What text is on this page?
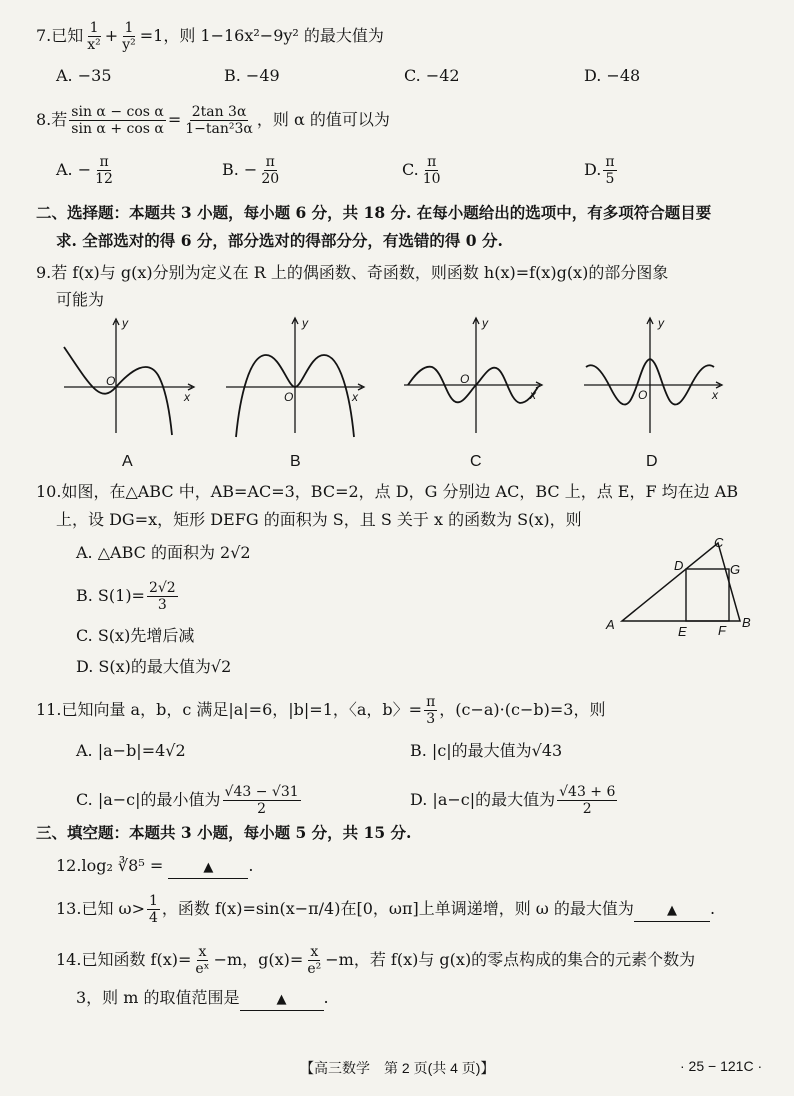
7.已知 $\frac{1}{\text{x²}} + \frac{1}{\text{y²}} =1$，则 1−16x²−9y² 的最大值为
A. −35	B. −49	C. −42	D. −48
8.若 $\frac{\text{sin α − cos α}}{\text{sin α + cos α}} = \frac{2\tan 3\alpha}{\text{1−tan²3α}}$ ，则 α 的值可以为
A. − $\frac{\pi}{12}$	B. − $\frac{\pi}{20}$	C. $\frac{\pi}{10}$	D. $\frac{\pi}{5}$
二、选择题：本题共 3 小题，每小题 6 分，共 18 分. 在每小题给出的选项中，有多项符合题目要
求. 全部选对的得 6 分，部分选对的得部分分，有选错的得 0 分.
9.若 f(x)与 g(x)分别为定义在 R 上的偶函数、奇函数，则函数 h(x)=f(x)g(x)的部分图象
可能为
y
x
O
A
y
x
O
B
y
x
O
C
y
x
O
D
10.如图，在△ABC 中，AB=AC=3，BC=2，点 D，G 分别边 AC，BC 上，点 E，F 均在边 AB
上，设 DG=x，矩形 DEFG 的面积为 S，且 S 关于 x 的函数为 S(x)，则
A. △ABC 的面积为 2√2
B. $S(1)= \frac{2√2}{3}$
C. S(x)先增后减
D. S(x)的最大值为√2
A	B
C
D
E F
G
11.已知向量 a，b，c 满足|a|=6，|b|=1，〈a，b〉= $\frac{\pi}{3}$ ，(c−a)·(c−b)=3，则
A. |a−b|=4√2	B. |c|的最大值为√43
C. |a−c|的最小值为 $\frac{√43 - √31}{2}$	D. |a−c|的最大值为 $\frac{√43 + 6}{2}$
三、填空题：本题共 3 小题，每小题 5 分，共 15 分.
12.log₂ ∛8⁵ =	▲ .
13.已知 $\omega> \frac{1}{4}$ ，函数 f(x)=sin(x−π/4)在[0，ωπ]上单调递增，则 ω 的最大值为	▲ .
14.已知函数 $f(x)= \frac{x}{\text{eˣ}} -m$，$g(x)= \frac{x}{\text{e²}} -m$，若 f(x)与 g(x)的零点构成的集合的元素个数为
3，则 m 的取值范围是	▲ .
【高三数学　第 2 页(共 4 页)】	· 25 − 121C ·
